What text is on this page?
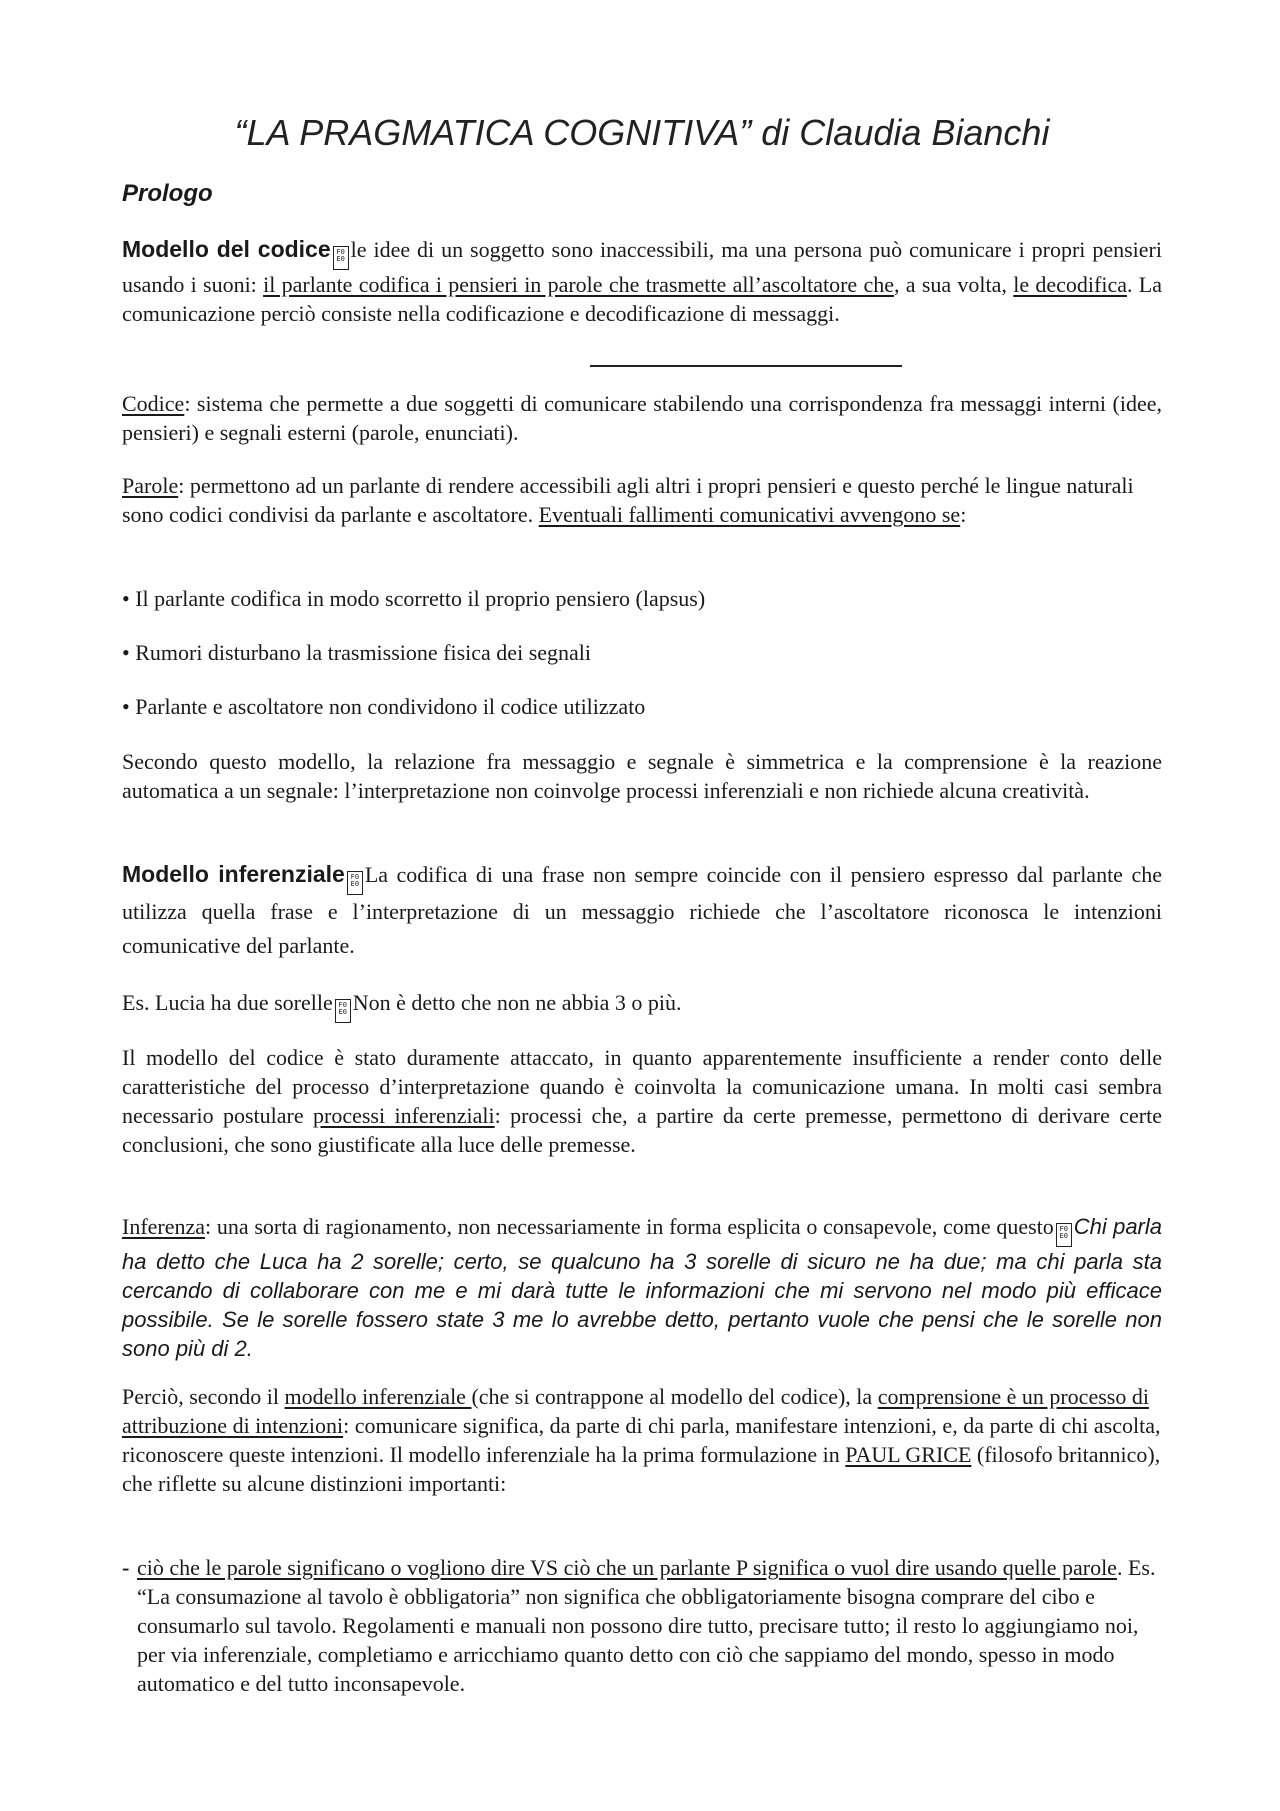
“LA PRAGMATICA COGNITIVA” di Claudia Bianchi
Prologo
Modello del codice F0E0 le idee di un soggetto sono inaccessibili, ma una persona può comunicare i propri pensieri usando i suoni: il parlante codifica i pensieri in parole che trasmette all’ascoltatore che, a sua volta, le decodifica. La comunicazione perciò consiste nella codificazione e decodificazione di messaggi.
Codice: sistema che permette a due soggetti di comunicare stabilendo una corrispondenza fra messaggi interni (idee, pensieri) e segnali esterni (parole, enunciati).
Parole: permettono ad un parlante di rendere accessibili agli altri i propri pensieri e questo perché le lingue naturali sono codici condivisi da parlante e ascoltatore. Eventuali fallimenti comunicativi avvengono se:
• Il parlante codifica in modo scorretto il proprio pensiero (lapsus)
• Rumori disturbano la trasmissione fisica dei segnali
• Parlante e ascoltatore non condividono il codice utilizzato
Secondo questo modello, la relazione fra messaggio e segnale è simmetrica e la comprensione è la reazione automatica a un segnale: l’interpretazione non coinvolge processi inferenziali e non richiede alcuna creatività.
Modello inferenziale F0E0 La codifica di una frase non sempre coincide con il pensiero espresso dal parlante che utilizza quella frase e l’interpretazione di un messaggio richiede che l’ascoltatore riconosca le intenzioni comunicative del parlante.
Es. Lucia ha due sorelle F0E0 Non è detto che non ne abbia 3 o più.
Il modello del codice è stato duramente attaccato, in quanto apparentemente insufficiente a render conto delle caratteristiche del processo d’interpretazione quando è coinvolta la comunicazione umana. In molti casi sembra necessario postulare processi inferenziali: processi che, a partire da certe premesse, permettono di derivare certe conclusioni, che sono giustificate alla luce delle premesse.
Inferenza: una sorta di ragionamento, non necessariamente in forma esplicita o consapevole, come questo F0E0 Chi parla ha detto che Luca ha 2 sorelle; certo, se qualcuno ha 3 sorelle di sicuro ne ha due; ma chi parla sta cercando di collaborare con me e mi darà tutte le informazioni che mi servono nel modo più efficace possibile. Se le sorelle fossero state 3 me lo avrebbe detto, pertanto vuole che pensi che le sorelle non sono più di 2.
Perciò, secondo il modello inferenziale (che si contrappone al modello del codice), la comprensione è un processo di attribuzione di intenzioni: comunicare significa, da parte di chi parla, manifestare intenzioni, e, da parte di chi ascolta, riconoscere queste intenzioni. Il modello inferenziale ha la prima formulazione in PAUL GRICE (filosofo britannico), che riflette su alcune distinzioni importanti:
- ciò che le parole significano o vogliono dire VS ciò che un parlante P significa o vuol dire usando quelle parole. Es. “La consumazione al tavolo è obbligatoria” non significa che obbligatoriamente bisogna comprare del cibo e consumarlo sul tavolo. Regolamenti e manuali non possono dire tutto, precisare tutto; il resto lo aggiungiamo noi, per via inferenziale, completiamo e arricchiamo quanto detto con ciò che sappiamo del mondo, spesso in modo automatico e del tutto inconsapevole.
